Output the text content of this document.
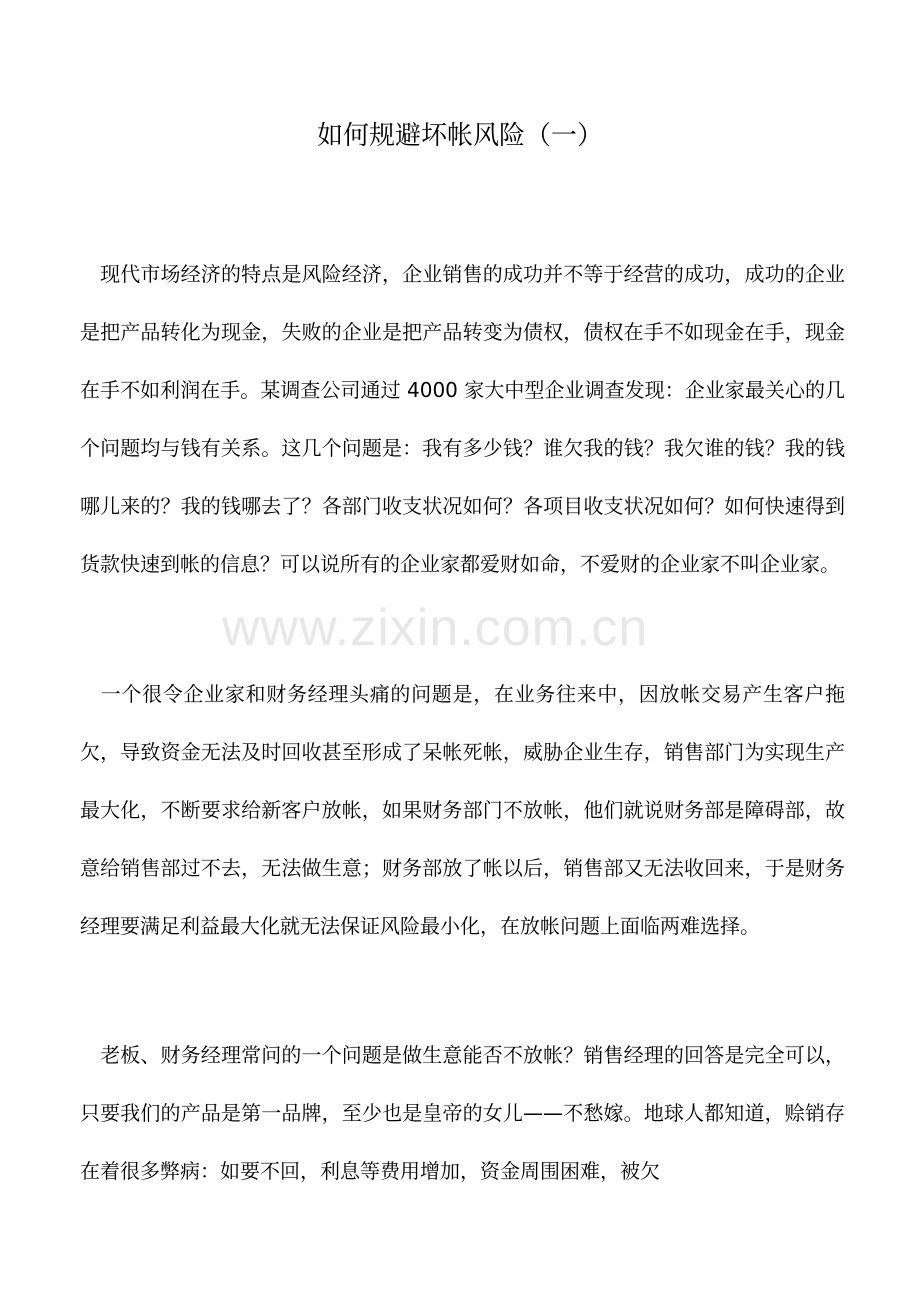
如何规避坏帐风险（一）

　现代市场经济的特点是风险经济，企业销售的成功并不等于经营的成功，成功的企业是把产品转化为现金，失败的企业是把产品转变为债权，债权在手不如现金在手，现金在手不如利润在手。某调查公司通过 4000 家大中型企业调查发现：企业家最关心的几个问题均与钱有关系。这几个问题是：我有多少钱？谁欠我的钱？我欠谁的钱？我的钱哪儿来的？我的钱哪去了？各部门收支状况如何？各项目收支状况如何？如何快速得到货款快速到帐的信息？可以说所有的企业家都爱财如命，不爱财的企业家不叫企业家。

　一个很令企业家和财务经理头痛的问题是，在业务往来中，因放帐交易产生客户拖欠，导致资金无法及时回收甚至形成了呆帐死帐，威胁企业生存，销售部门为实现生产最大化，不断要求给新客户放帐，如果财务部门不放帐，他们就说财务部是障碍部，故意给销售部过不去，无法做生意；财务部放了帐以后，销售部又无法收回来，于是财务经理要满足利益最大化就无法保证风险最小化，在放帐问题上面临两难选择。

　老板、财务经理常问的一个问题是做生意能否不放帐？销售经理的回答是完全可以，只要我们的产品是第一品牌，至少也是皇帝的女儿——不愁嫁。地球人都知道，赊销存在着很多弊病：如要不回，利息等费用增加，资金周围困难，被欠

www.zixin.com.cn
